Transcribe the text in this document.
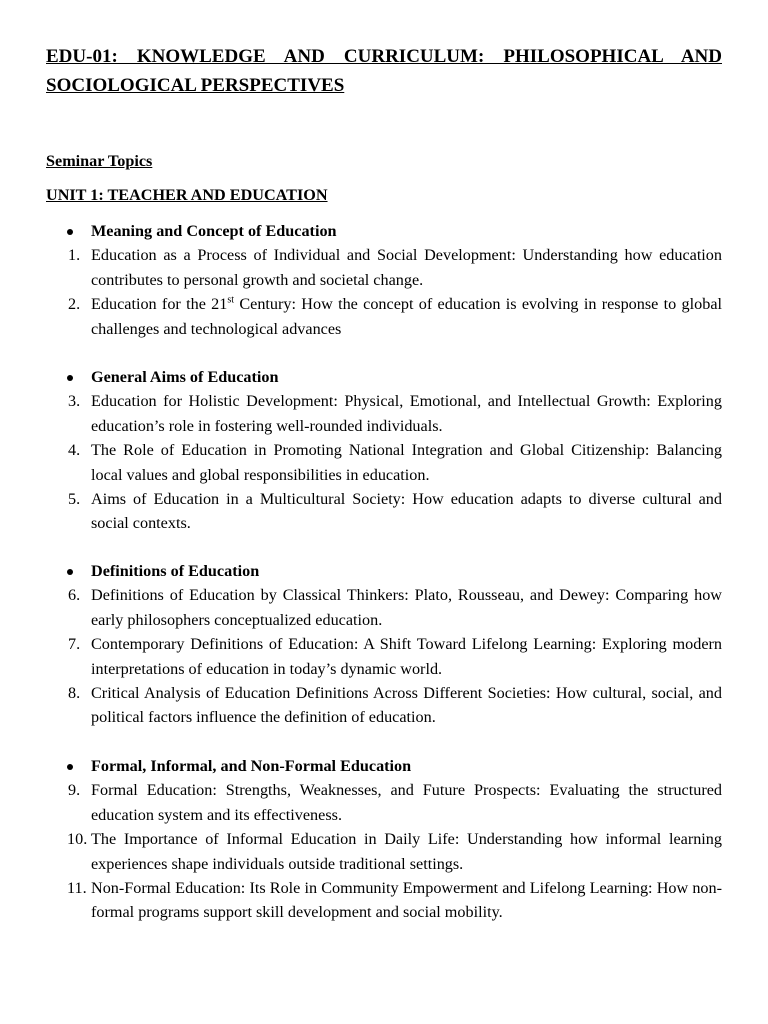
EDU-01: KNOWLEDGE AND CURRICULUM: PHILOSOPHICAL AND
SOCIOLOGICAL PERSPECTIVES

Seminar Topics

UNIT 1: TEACHER AND EDUCATION

Meaning and Concept of Education
1. Education as a Process of Individual and Social Development: Understanding how education contributes to personal growth and societal change.
2. Education for the 21st Century: How the concept of education is evolving in response to global challenges and technological advances
General Aims of Education
3. Education for Holistic Development: Physical, Emotional, and Intellectual Growth: Exploring education’s role in fostering well-rounded individuals.
4. The Role of Education in Promoting National Integration and Global Citizenship: Balancing local values and global responsibilities in education.
5. Aims of Education in a Multicultural Society: How education adapts to diverse cultural and social contexts.
Definitions of Education
6. Definitions of Education by Classical Thinkers: Plato, Rousseau, and Dewey: Comparing how early philosophers conceptualized education.
7. Contemporary Definitions of Education: A Shift Toward Lifelong Learning: Exploring modern interpretations of education in today’s dynamic world.
8. Critical Analysis of Education Definitions Across Different Societies: How cultural, social, and political factors influence the definition of education.
Formal, Informal, and Non-Formal Education
9. Formal Education: Strengths, Weaknesses, and Future Prospects: Evaluating the structured education system and its effectiveness.
10. The Importance of Informal Education in Daily Life: Understanding how informal learning experiences shape individuals outside traditional settings.
11. Non-Formal Education: Its Role in Community Empowerment and Lifelong Learning: How non-formal programs support skill development and social mobility.
